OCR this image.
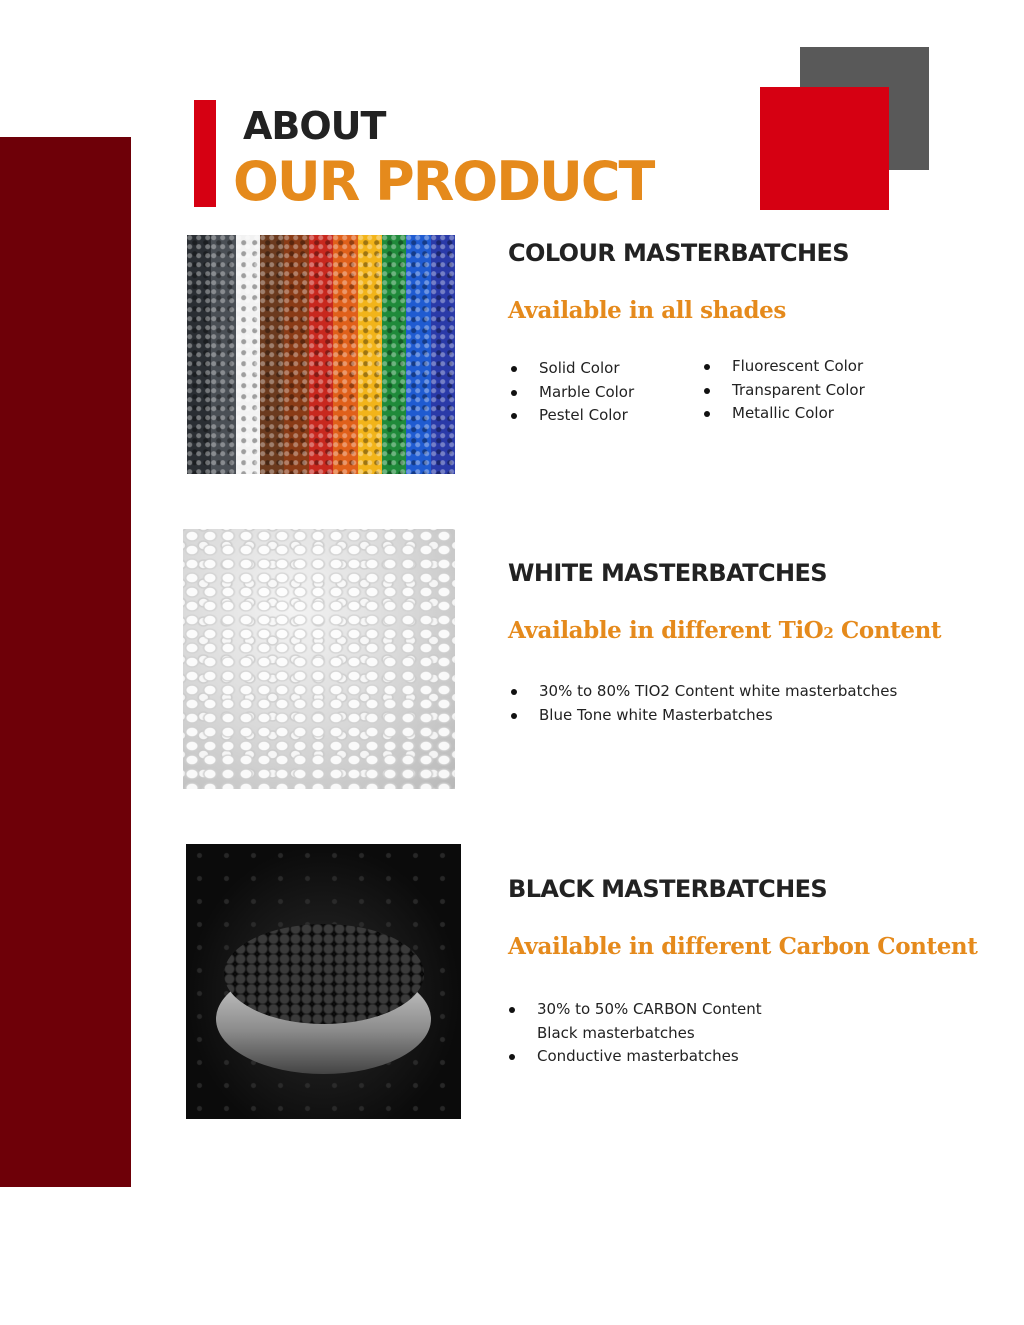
ABOUT
OUR PRODUCT
COLOUR MASTERBATCHES

Available in all shades

Solid Color
Marble Color
Pestel Color
Fluorescent Color
Transparent Color
Metallic Color
WHITE MASTERBATCHES

Available in different TiO2 Content

30% to 80% TIO2 Content white masterbatches
Blue Tone white Masterbatches
BLACK MASTERBATCHES

Available in different Carbon Content

30% to 50% CARBON Content Black masterbatches
Conductive masterbatches
